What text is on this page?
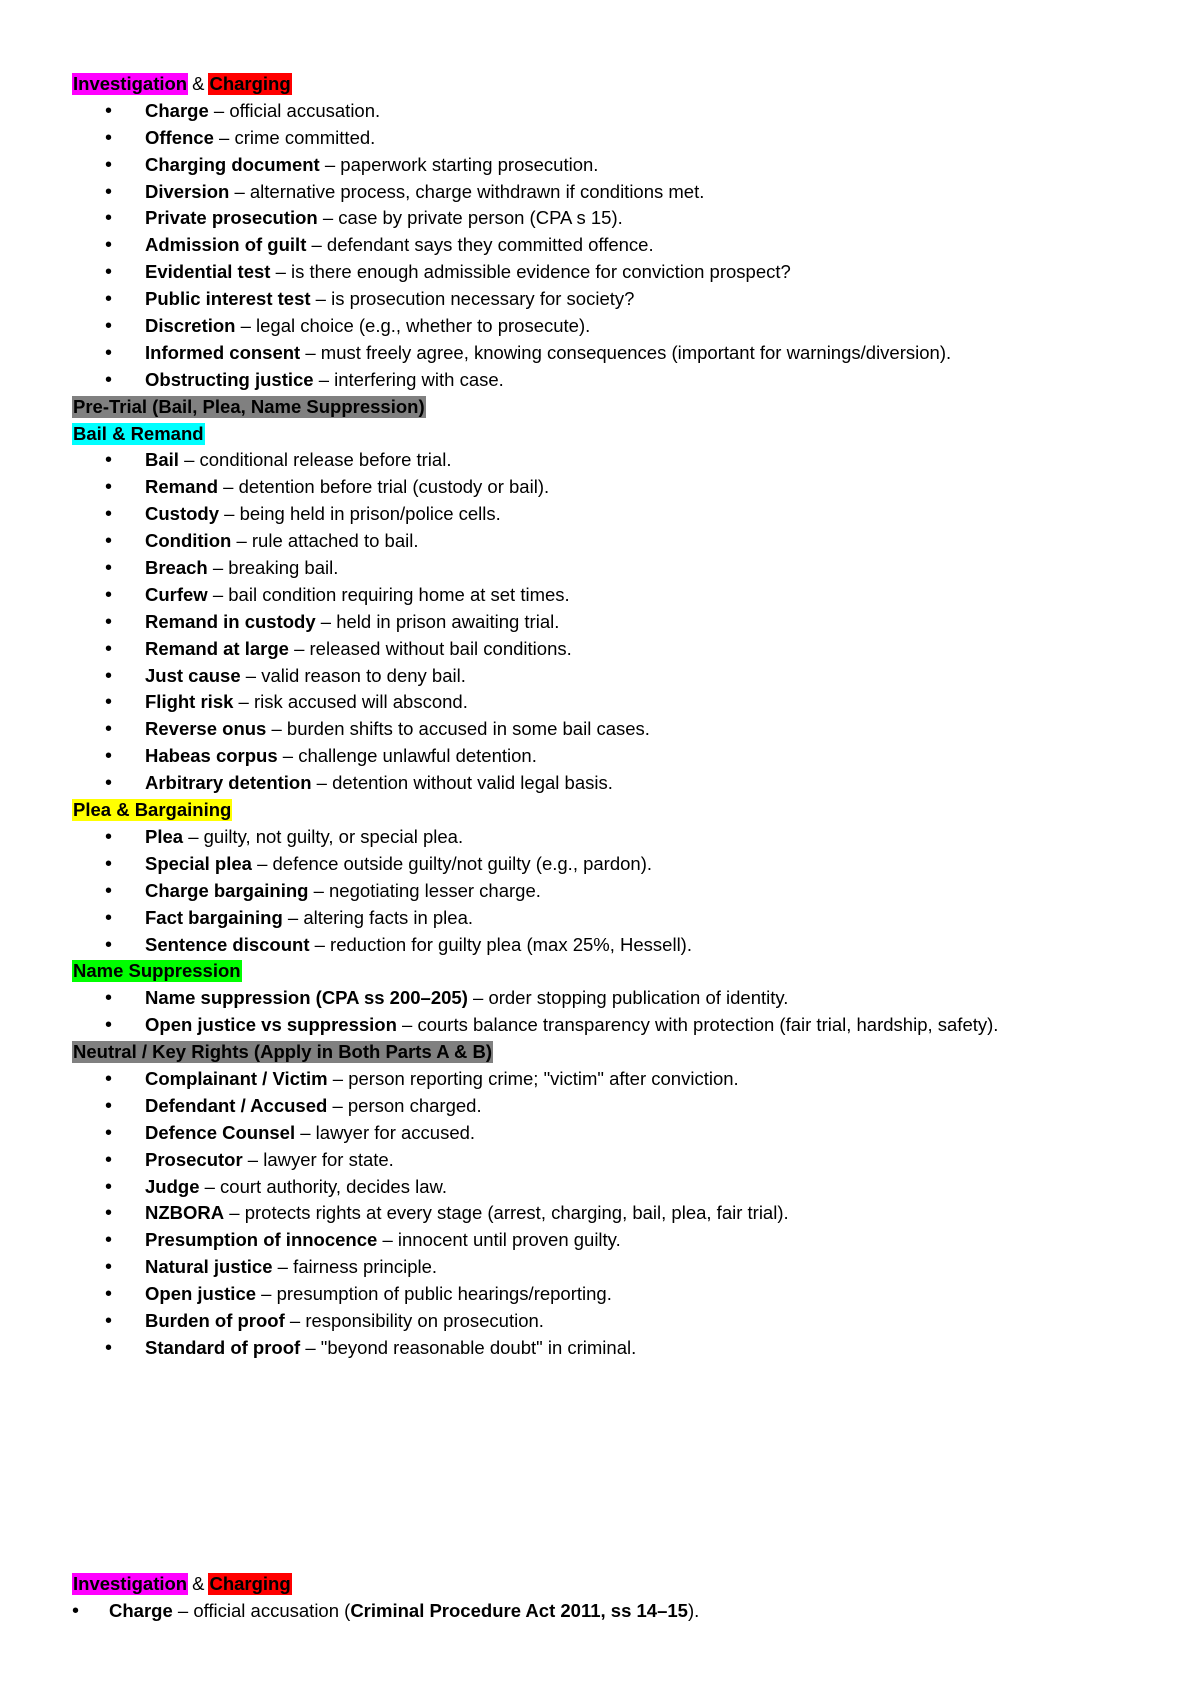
Investigation & Charging
• Charge – official accusation.
• Offence – crime committed.
• Charging document – paperwork starting prosecution.
• Diversion – alternative process, charge withdrawn if conditions met.
• Private prosecution – case by private person (CPA s 15).
• Admission of guilt – defendant says they committed offence.
• Evidential test – is there enough admissible evidence for conviction prospect?
• Public interest test – is prosecution necessary for society?
• Discretion – legal choice (e.g., whether to prosecute).
• Informed consent – must freely agree, knowing consequences (important for warnings/diversion).
• Obstructing justice – interfering with case.
Pre-Trial (Bail, Plea, Name Suppression)
Bail & Remand
• Bail – conditional release before trial.
• Remand – detention before trial (custody or bail).
• Custody – being held in prison/police cells.
• Condition – rule attached to bail.
• Breach – breaking bail.
• Curfew – bail condition requiring home at set times.
• Remand in custody – held in prison awaiting trial.
• Remand at large – released without bail conditions.
• Just cause – valid reason to deny bail.
• Flight risk – risk accused will abscond.
• Reverse onus – burden shifts to accused in some bail cases.
• Habeas corpus – challenge unlawful detention.
• Arbitrary detention – detention without valid legal basis.
Plea & Bargaining
• Plea – guilty, not guilty, or special plea.
• Special plea – defence outside guilty/not guilty (e.g., pardon).
• Charge bargaining – negotiating lesser charge.
• Fact bargaining – altering facts in plea.
• Sentence discount – reduction for guilty plea (max 25%, Hessell).
Name Suppression
• Name suppression (CPA ss 200–205) – order stopping publication of identity.
• Open justice vs suppression – courts balance transparency with protection (fair trial, hardship, safety).
Neutral / Key Rights (Apply in Both Parts A & B)
• Complainant / Victim – person reporting crime; "victim" after conviction.
• Defendant / Accused – person charged.
• Defence Counsel – lawyer for accused.
• Prosecutor – lawyer for state.
• Judge – court authority, decides law.
• NZBORA – protects rights at every stage (arrest, charging, bail, plea, fair trial).
• Presumption of innocence – innocent until proven guilty.
• Natural justice – fairness principle.
• Open justice – presumption of public hearings/reporting.
• Burden of proof – responsibility on prosecution.
• Standard of proof – "beyond reasonable doubt" in criminal.
Investigation & Charging
• Charge – official accusation (Criminal Procedure Act 2011, ss 14–15).
